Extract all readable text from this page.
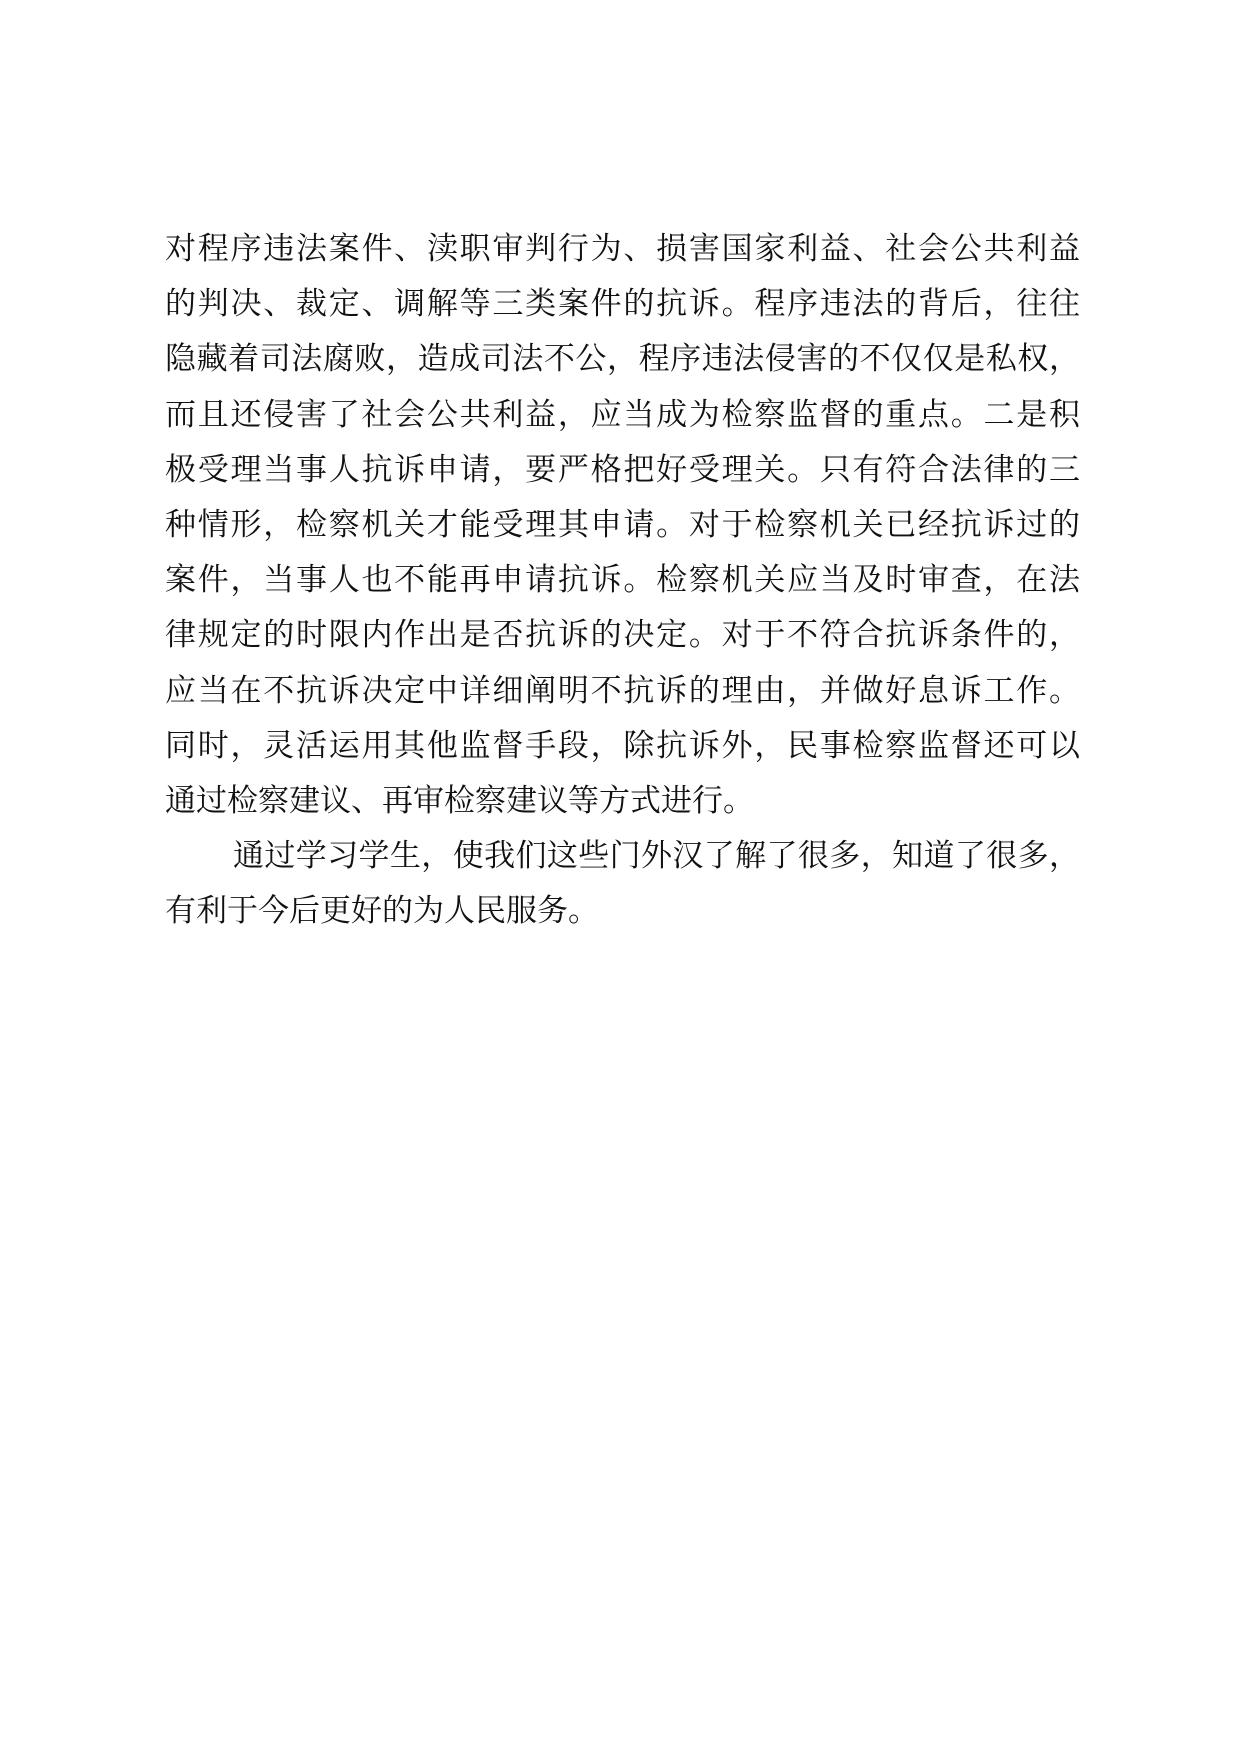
对程序违法案件、渎职审判行为、损害国家利益、社会公共利益
的判决、裁定、调解等三类案件的抗诉。程序违法的背后，往往
隐藏着司法腐败，造成司法不公，程序违法侵害的不仅仅是私权，
而且还侵害了社会公共利益，应当成为检察监督的重点。二是积
极受理当事人抗诉申请，要严格把好受理关。只有符合法律的三
种情形，检察机关才能受理其申请。对于检察机关已经抗诉过的
案件，当事人也不能再申请抗诉。检察机关应当及时审查，在法
律规定的时限内作出是否抗诉的决定。对于不符合抗诉条件的，
应当在不抗诉决定中详细阐明不抗诉的理由，并做好息诉工作。
同时，灵活运用其他监督手段，除抗诉外，民事检察监督还可以
通过检察建议、再审检察建议等方式进行。
通过学习学生，使我们这些门外汉了解了很多，知道了很多，
有利于今后更好的为人民服务。
